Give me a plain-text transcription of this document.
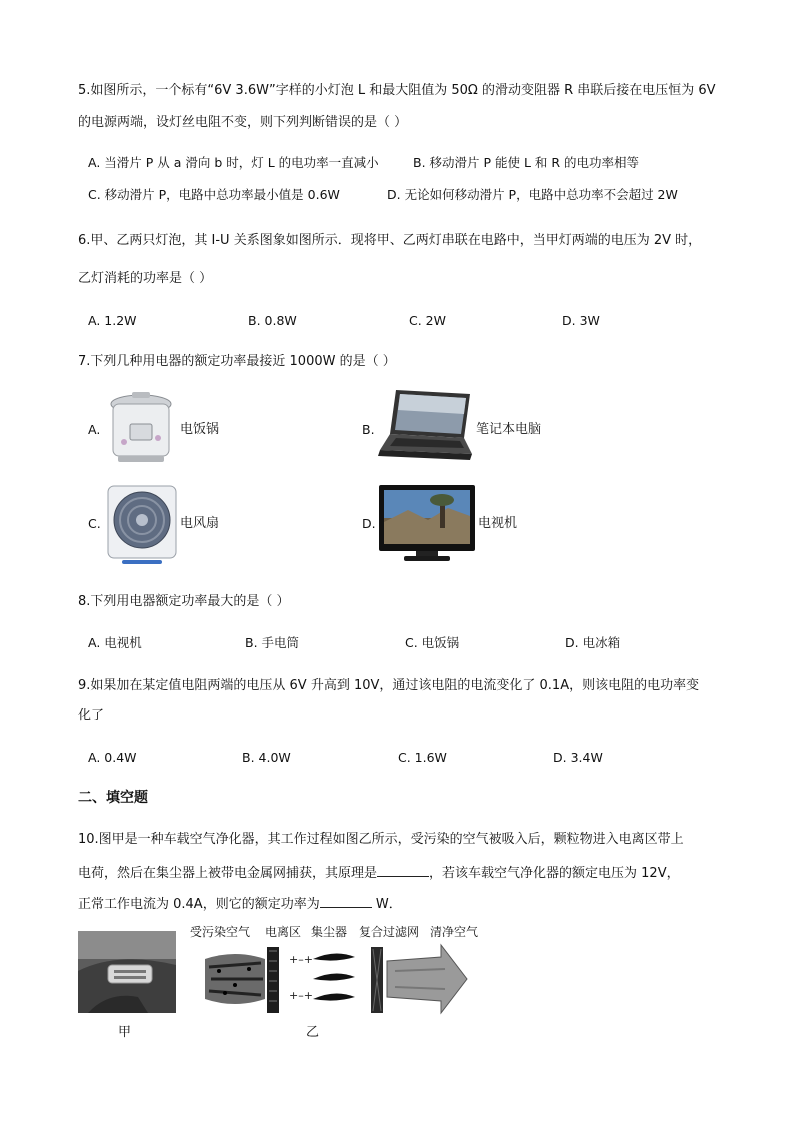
5.如图所示，一个标有“6V 3.6W”字样的小灯泡 L 和最大阻值为 50Ω 的滑动变阻器 R 串联后接在电压恒为 6V
的电源两端，设灯丝电阻不变，则下列判断错误的是（ ）
A. 当滑片 P 从 a 滑向 b 时，灯 L 的电功率一直减小	B. 移动滑片 P 能使 L 和 R 的电功率相等
C. 移动滑片 P，电路中总功率最小值是 0.6W	D. 无论如何移动滑片 P，电路中总功率不会超过 2W
6.甲、乙两只灯泡，其 I-U 关系图象如图所示．现将甲、乙两灯串联在电路中，当甲灯两端的电压为 2V 时，
乙灯消耗的功率是（ ）
A. 1.2W	B. 0.8W	C. 2W	D. 3W
7.下列几种用电器的额定功率最接近 1000W 的是（ ）
A.	电饭锅	B.	笔记本电脑
C.	电风扇	D.	电视机
8.下列用电器额定功率最大的是（ ）
A. 电视机	B. 手电筒	C. 电饭锅	D. 电冰箱
9.如果加在某定值电阻两端的电压从 6V 升高到 10V，通过该电阻的电流变化了 0.1A，则该电阻的电功率变
化了
A. 0.4W	B. 4.0W	C. 1.6W	D. 3.4W
二、填空题
10.图甲是一种车载空气净化器，其工作过程如图乙所示，受污染的空气被吸入后，颗粒物进入电离区带上
电荷，然后在集尘器上被带电金属网捕获，其原理是	，若该车载空气净化器的额定电压为 12V，
正常工作电流为 0.4A，则它的额定功率为	W．
甲
受污染空气 电离区 集尘器 复合过滤网 清净空气
+–+
+–+
乙
